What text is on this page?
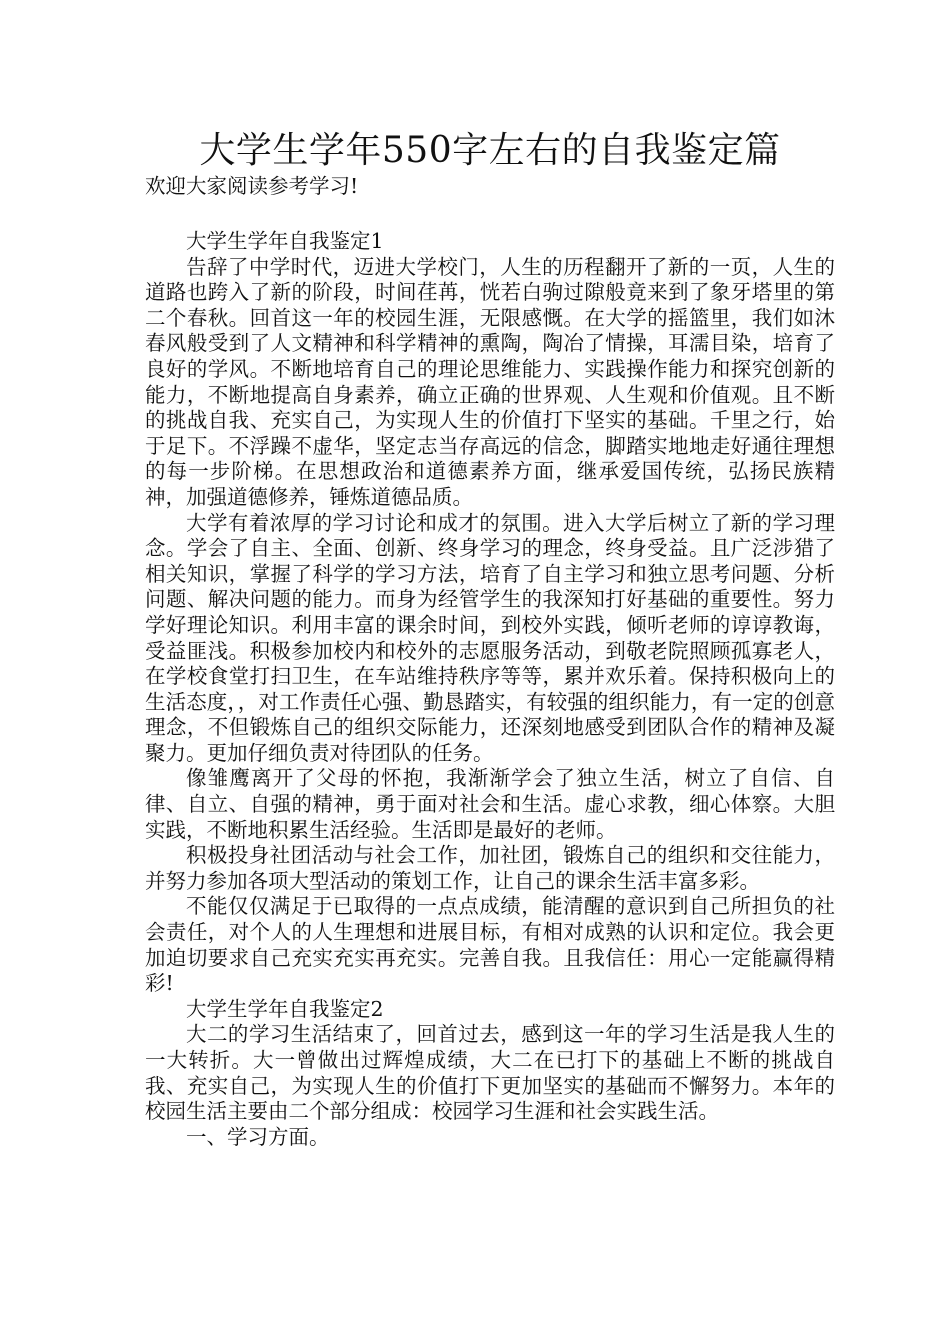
大学生学年550字左右的自我鉴定篇

欢迎大家阅读参考学习!

大学生学年自我鉴定1

告辞了中学时代，迈进大学校门，人生的历程翻开了新的一页，人生的道路也跨入了新的阶段，时间荏苒，恍若白驹过隙般竟来到了象牙塔里的第二个春秋。回首这一年的校园生涯，无限感慨。在大学的摇篮里，我们如沐春风般受到了人文精神和科学精神的熏陶，陶冶了情操，耳濡目染，培育了良好的学风。不断地培育自己的理论思维能力、实践操作能力和探究创新的能力，不断地提高自身素养，确立正确的世界观、人生观和价值观。且不断的挑战自我、充实自己，为实现人生的价值打下坚实的基础。千里之行，始于足下。不浮躁不虚华，坚定志当存高远的信念，脚踏实地地走好通往理想的每一步阶梯。在思想政治和道德素养方面，继承爱国传统，弘扬民族精神，加强道德修养，锤炼道德品质。

大学有着浓厚的学习讨论和成才的氛围。进入大学后树立了新的学习理念。学会了自主、全面、创新、终身学习的理念，终身受益。且广泛涉猎了相关知识，掌握了科学的学习方法，培育了自主学习和独立思考问题、分析问题、解决问题的能力。而身为经管学生的我深知打好基础的重要性。努力学好理论知识。利用丰富的课余时间，到校外实践，倾听老师的谆谆教诲，受益匪浅。积极参加校内和校外的志愿服务活动，到敬老院照顾孤寡老人，在学校食堂打扫卫生，在车站维持秩序等等，累并欢乐着。保持积极向上的生活态度，，对工作责任心强、勤恳踏实，有较强的组织能力，有一定的创意理念，不但锻炼自己的组织交际能力，还深刻地感受到团队合作的精神及凝聚力。更加仔细负责对待团队的任务。

像雏鹰离开了父母的怀抱，我渐渐学会了独立生活，树立了自信、自律、自立、自强的精神，勇于面对社会和生活。虚心求教，细心体察。大胆实践，不断地积累生活经验。生活即是最好的老师。

积极投身社团活动与社会工作，加社团，锻炼自己的组织和交往能力，并努力参加各项大型活动的策划工作，让自己的课余生活丰富多彩。

不能仅仅满足于已取得的一点点成绩，能清醒的意识到自己所担负的社会责任，对个人的人生理想和进展目标，有相对成熟的认识和定位。我会更加迫切要求自己充实充实再充实。完善自我。且我信任：用心一定能赢得精彩!

大学生学年自我鉴定2

大二的学习生活结束了，回首过去，感到这一年的学习生活是我人生的一大转折。大一曾做出过辉煌成绩，大二在已打下的基础上不断的挑战自我、充实自己，为实现人生的价值打下更加坚实的基础而不懈努力。本年的校园生活主要由二个部分组成：校园学习生涯和社会实践生活。

一、学习方面。
